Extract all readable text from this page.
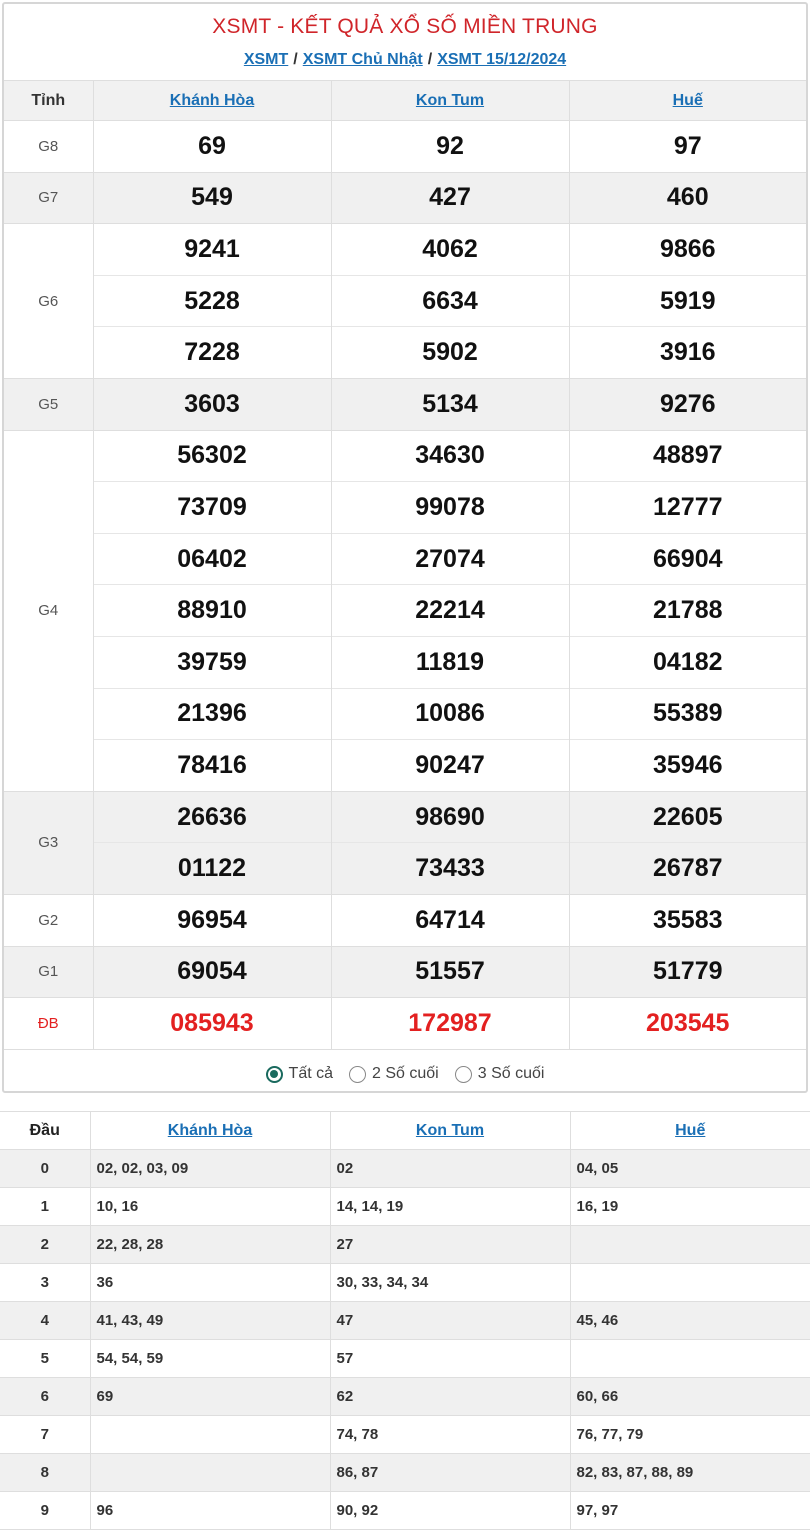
XSMT - KẾT QUẢ XỔ SỐ MIỀN TRUNG
XSMT / XSMT Chủ Nhật / XSMT 15/12/2024
Tỉnh	Khánh Hòa	Kon Tum	Huế
G8	69	92	97
G7	549	427	460
G6	9241	4062	9866
	5228	6634	5919
	7228	5902	3916
G5	3603	5134	9276
G4	56302	34630	48897
	73709	99078	12777
	06402	27074	66904
	88910	22214	21788
	39759	11819	04182
	21396	10086	55389
	78416	90247	35946
G3	26636	98690	22605
	01122	73433	26787
G2	96954	64714	35583
G1	69054	51557	51779
ĐB	085943	172987	203545
Tất cả 2 Số cuối 3 Số cuối
Đầu	Khánh Hòa	Kon Tum	Huế
0	02, 02, 03, 09	02	04, 05
1	10, 16	14, 14, 19	16, 19
2	22, 28, 28	27	
3	36	30, 33, 34, 34	
4	41, 43, 49	47	45, 46
5	54, 54, 59	57	
6	69	62	60, 66
7		74, 78	76, 77, 79
8		86, 87	82, 83, 87, 88, 89
9	96	90, 92	97, 97
